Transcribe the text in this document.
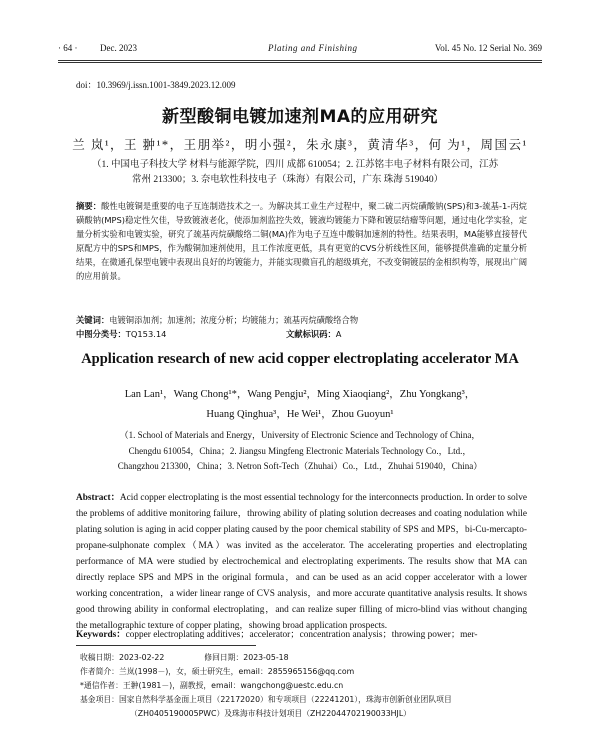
· 64 ·	Dec. 2023	Plating and Finishing	Vol. 45 No. 12 Serial No. 369
doi：10.3969/j.issn.1001-3849.2023.12.009
新型酸铜电镀加速剂MA的应用研究
兰 岚¹，王 翀¹*，王朋举²，明小强²，朱永康³，黄清华³，何 为¹，周国云¹
（1. 中国电子科技大学 材料与能源学院，四川 成都 610054；2. 江苏铭丰电子材料有限公司，江苏
常州 213300；3. 奈电软性科技电子（珠海）有限公司，广东 珠海 519040）
摘要：酸性电镀铜是重要的电子互连制造技术之一。为解决其工业生产过程中，聚二硫二丙烷磺酸钠(SPS)和3-巯基-1-丙烷磺酸钠(MPS)稳定性欠佳，导致镀液老化，使添加剂监控失效，镀液均镀能力下降和镀层结瘤等问题，通过电化学实验，定量分析实验和电镀实验，研究了巯基丙烷磺酸络二铜(MA)作为电子互连中酸铜加速剂的特性。结果表明，MA能够直接替代原配方中的SPS和MPS，作为酸铜加速剂使用，且工作浓度更低，具有更宽的CVS分析线性区间，能够提供准确的定量分析结果，在微通孔保型电镀中表现出良好的均镀能力，并能实现微盲孔的超级填充，不改变铜镀层的金相织构等，展现出广阔的应用前景。
关键词：电镀铜添加剂；加速剂；浓度分析；均镀能力；巯基丙烷磺酸络合物
中图分类号：TQ153.14	文献标识码：A
Application research of new acid copper electroplating accelerator MA
Lan Lan¹，Wang Chong¹*，Wang Pengju²，Ming Xiaoqiang²，Zhu Yongkang³，
Huang Qinghua³，He Wei¹，Zhou Guoyun¹
（1. School of Materials and Energy，University of Electronic Science and Technology of China，
Chengdu 610054，China；2. Jiangsu Mingfeng Electronic Materials Technology Co.，Ltd.，
Changzhou 213300，China；3. Netron Soft-Tech（Zhuhai）Co.，Ltd.，Zhuhai 519040，China）
Abstract：Acid copper electroplating is the most essential technology for the interconnects production. In order to solve the problems of additive monitoring failure，throwing ability of plating solution decreases and coating nodulation while plating solution is aging in acid copper plating caused by the poor chemical stability of SPS and MPS，bi-Cu-mercapto-propane-sulphonate complex（MA）was invited as the accelerator. The accelerating properties and electroplating performance of MA were studied by electrochemical and electroplating experiments. The results show that MA can directly replace SPS and MPS in the original formula，and can be used as an acid copper accelerator with a lower working concentration，a wider linear range of CVS analysis，and more accurate quantitative analysis results. It shows good throwing ability in conformal electroplating，and can realize super filling of micro-blind vias without changing the metallographic texture of copper plating，showing broad application prospects.
Keywords：copper electroplating additives；accelerator；concentration analysis；throwing power；mer-
收稿日期：2023-02-22	修回日期：2023-05-18
作者简介：兰岚(1998－)，女，硕士研究生，email：2855965156@qq.com
*通信作者：王翀(1981－)，副教授，email：wangchong@uestc.edu.cn
基金项目：国家自然科学基金面上项目（22172020）和专项项目（22241201），珠海市创新创业团队项目
（ZH0405190005PWC）及珠海市科技计划项目（ZH22044702190033HJL）
